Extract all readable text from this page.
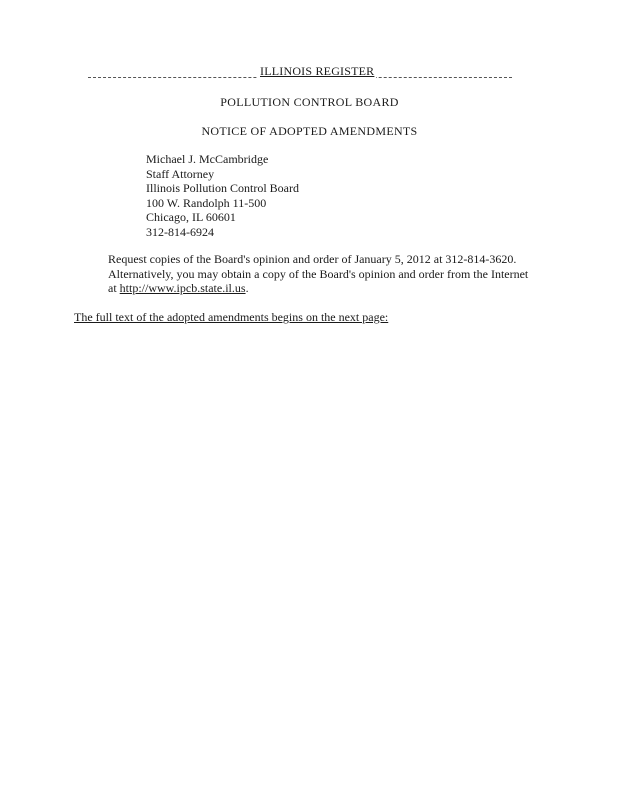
ILLINOIS REGISTER
POLLUTION CONTROL BOARD
NOTICE OF ADOPTED AMENDMENTS
Michael J. McCambridge
Staff Attorney
Illinois Pollution Control Board
100 W. Randolph 11-500
Chicago, IL 60601
312-814-6924
Request copies of the Board's opinion and order of January 5, 2012 at 312-814-3620.
Alternatively, you may obtain a copy of the Board's opinion and order from the Internet
at http://www.ipcb.state.il.us.
The full text of the adopted amendments begins on the next page:
